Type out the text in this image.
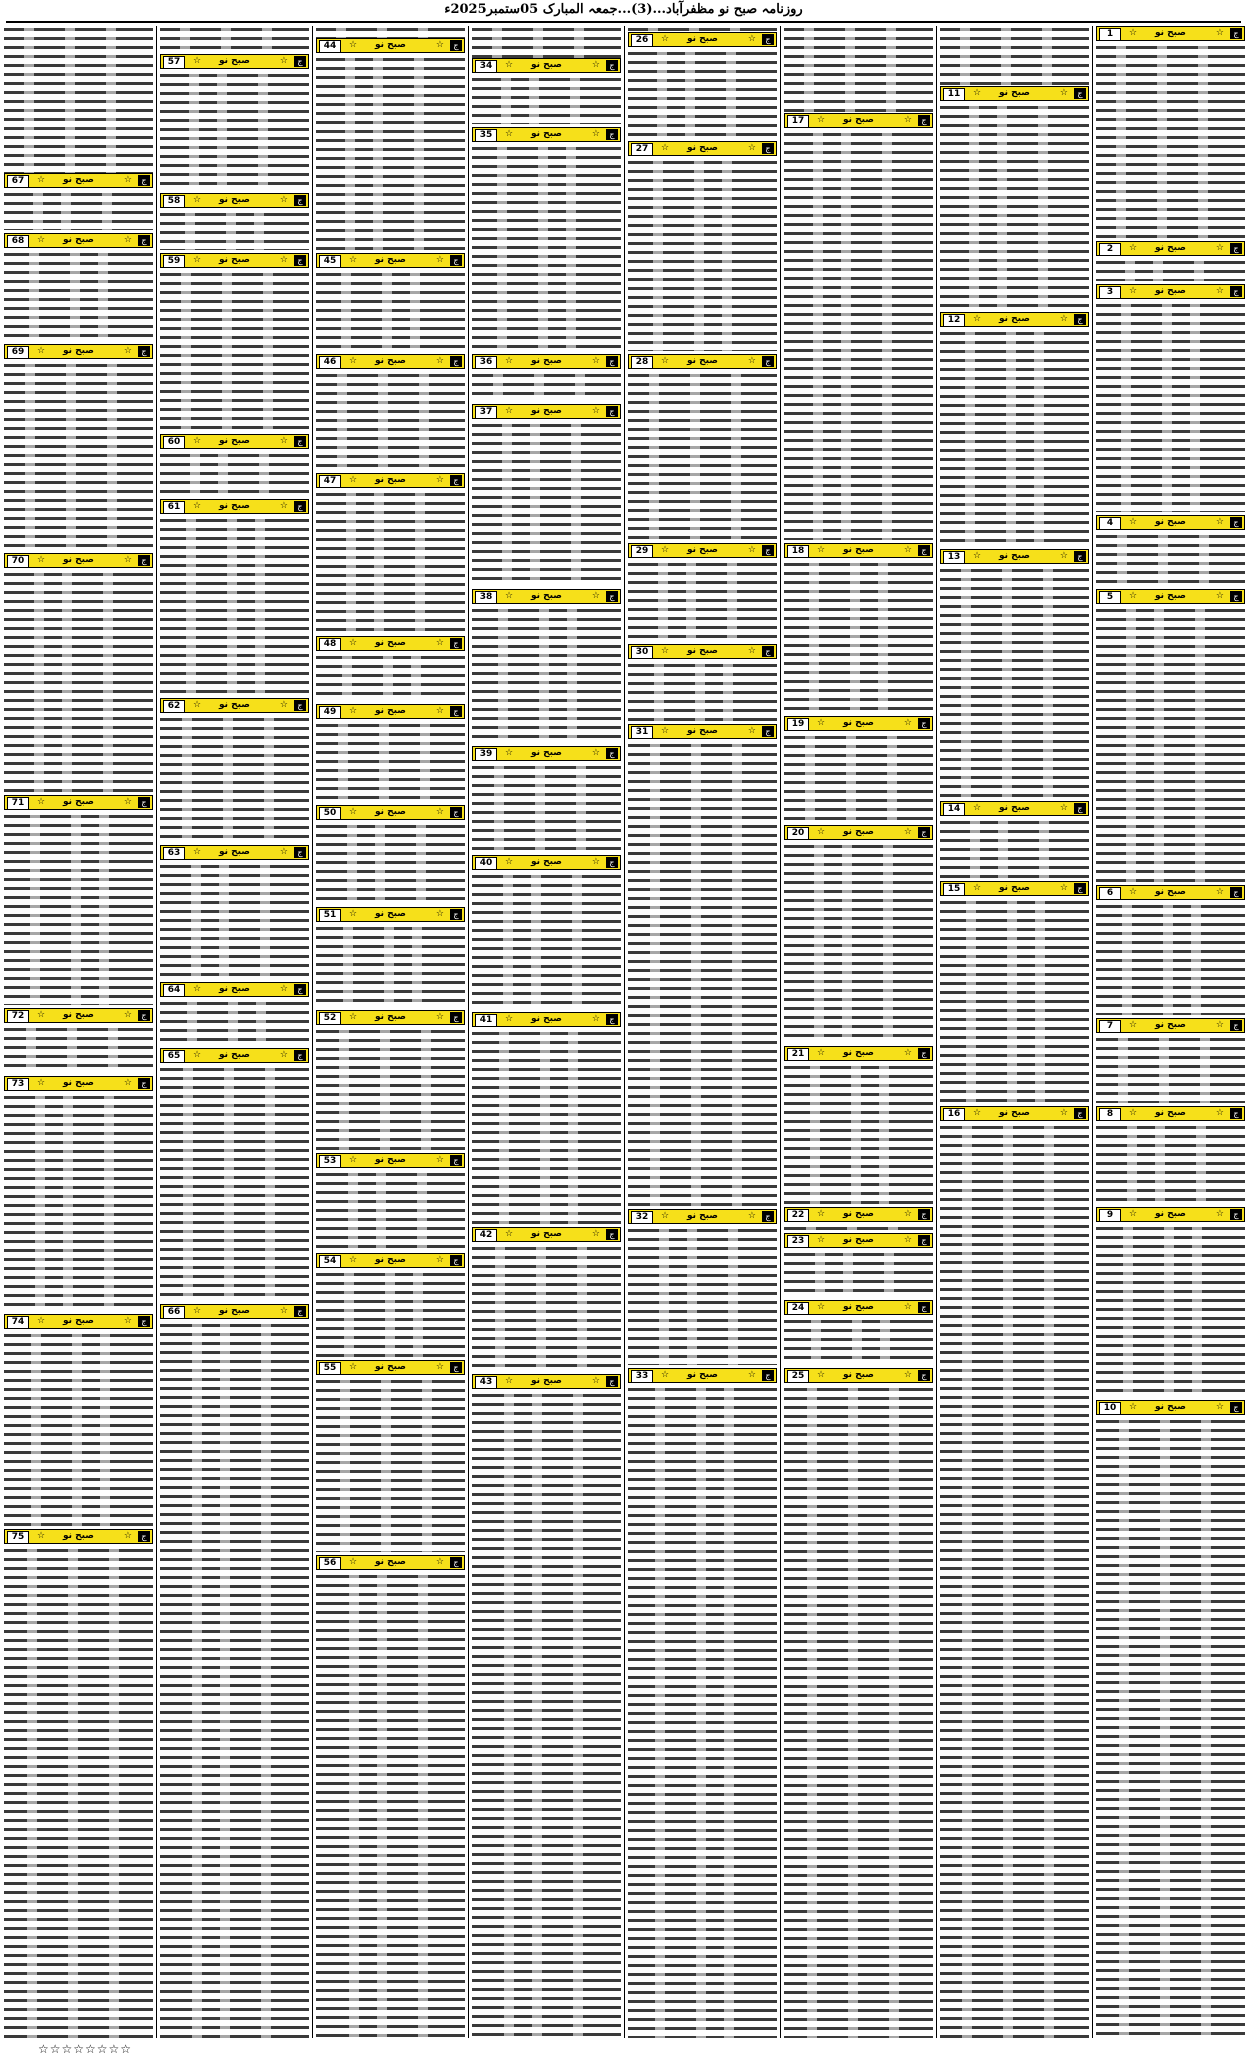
روزنامہ صبح نو مظفرآباد...(3)...جمعہ المبارک 05ستمبر2025ء
1	☆	صبح نو	☆	ج
2	☆	صبح نو	☆	ج
3	☆	صبح نو	☆	ج
4	☆	صبح نو	☆	ج
5	☆	صبح نو	☆	ج
6	☆	صبح نو	☆	ج
7	☆	صبح نو	☆	ج
8	☆	صبح نو	☆	ج
9	☆	صبح نو	☆	ج
10	☆	صبح نو	☆	ج
11	☆	صبح نو	☆	ج
12	☆	صبح نو	☆	ج
13	☆	صبح نو	☆	ج
14	☆	صبح نو	☆	ج
15	☆	صبح نو	☆	ج
16	☆	صبح نو	☆	ج
17	☆	صبح نو	☆	ج
18	☆	صبح نو	☆	ج
19	☆	صبح نو	☆	ج
20	☆	صبح نو	☆	ج
21	☆	صبح نو	☆	ج
22	☆	صبح نو	☆	ج
23	☆	صبح نو	☆	ج
24	☆	صبح نو	☆	ج
25	☆	صبح نو	☆	ج
26	☆	صبح نو	☆	ج
27	☆	صبح نو	☆	ج
28	☆	صبح نو	☆	ج
29	☆	صبح نو	☆	ج
30	☆	صبح نو	☆	ج
31	☆	صبح نو	☆	ج
32	☆	صبح نو	☆	ج
33	☆	صبح نو	☆	ج
34	☆	صبح نو	☆	ج
35	☆	صبح نو	☆	ج
36	☆	صبح نو	☆	ج
37	☆	صبح نو	☆	ج
38	☆	صبح نو	☆	ج
39	☆	صبح نو	☆	ج
40	☆	صبح نو	☆	ج
41	☆	صبح نو	☆	ج
42	☆	صبح نو	☆	ج
43	☆	صبح نو	☆	ج
44	☆	صبح نو	☆	ج
45	☆	صبح نو	☆	ج
46	☆	صبح نو	☆	ج
47	☆	صبح نو	☆	ج
48	☆	صبح نو	☆	ج
49	☆	صبح نو	☆	ج
50	☆	صبح نو	☆	ج
51	☆	صبح نو	☆	ج
52	☆	صبح نو	☆	ج
53	☆	صبح نو	☆	ج
54	☆	صبح نو	☆	ج
55	☆	صبح نو	☆	ج
56	☆	صبح نو	☆	ج
57	☆	صبح نو	☆	ج
58	☆	صبح نو	☆	ج
59	☆	صبح نو	☆	ج
60	☆	صبح نو	☆	ج
61	☆	صبح نو	☆	ج
62	☆	صبح نو	☆	ج
63	☆	صبح نو	☆	ج
64	☆	صبح نو	☆	ج
65	☆	صبح نو	☆	ج
66	☆	صبح نو	☆	ج
67	☆	صبح نو	☆	ج
68	☆	صبح نو	☆	ج
69	☆	صبح نو	☆	ج
70	☆	صبح نو	☆	ج
71	☆	صبح نو	☆	ج
72	☆	صبح نو	☆	ج
73	☆	صبح نو	☆	ج
74	☆	صبح نو	☆	ج
75	☆	صبح نو	☆	ج
☆☆☆☆☆☆☆☆
